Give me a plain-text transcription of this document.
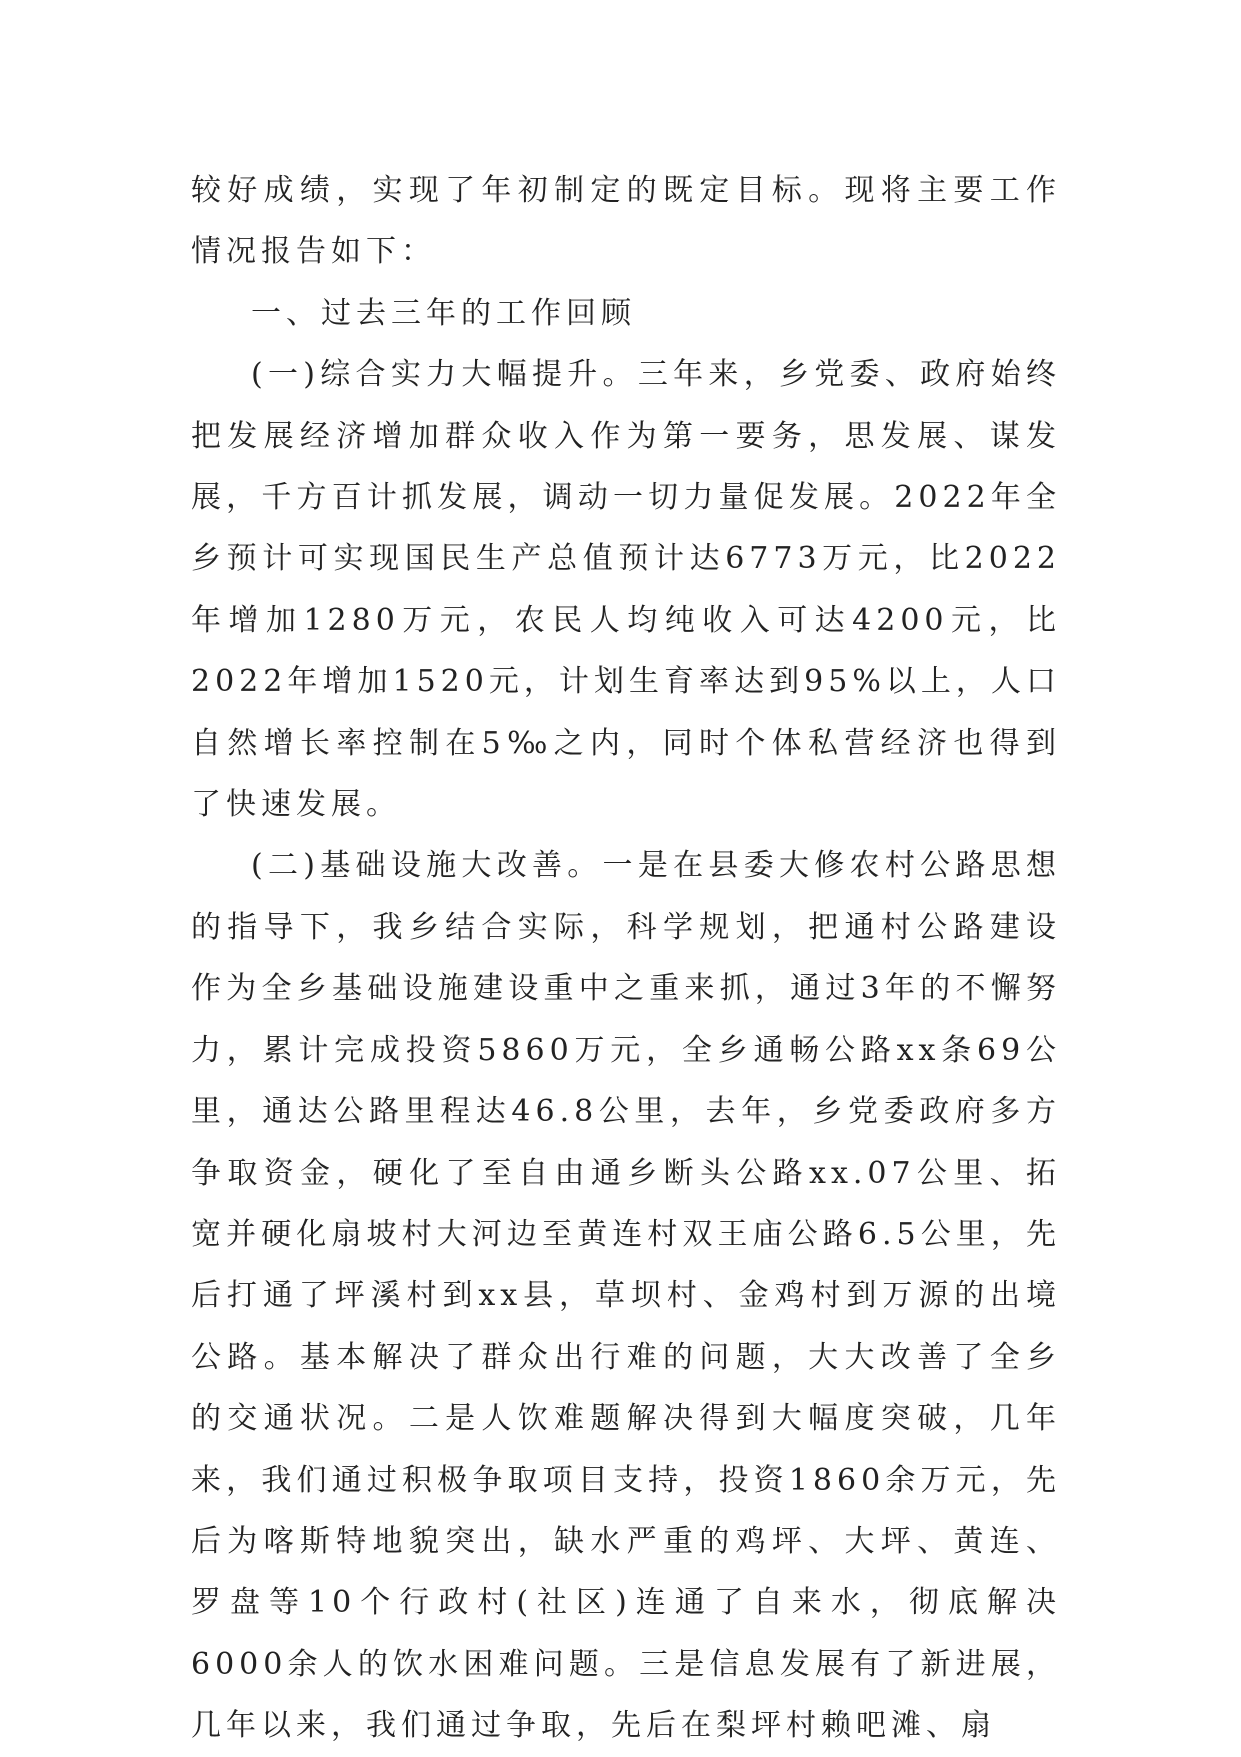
较好成绩，实现了年初制定的既定目标。现将主要工作情况报告如下：

一、过去三年的工作回顾

(一)综合实力大幅提升。三年来，乡党委、政府始终把发展经济增加群众收入作为第一要务，思发展、谋发展，千方百计抓发展，调动一切力量促发展。2022年全乡预计可实现国民生产总值预计达6773万元，比2022年增加1280万元，农民人均纯收入可达4200元，比2022年增加1520元，计划生育率达到95%以上，人口自然增长率控制在5‰之内，同时个体私营经济也得到了快速发展。

(二)基础设施大改善。一是在县委大修农村公路思想的指导下，我乡结合实际，科学规划，把通村公路建设作为全乡基础设施建设重中之重来抓，通过3年的不懈努力，累计完成投资5860万元，全乡通畅公路xx条69公里，通达公路里程达46.8公里，去年，乡党委政府多方争取资金，硬化了至自由通乡断头公路xx.07公里、拓宽并硬化扇坡村大河边至黄连村双王庙公路6.5公里，先后打通了坪溪村到xx县，草坝村、金鸡村到万源的出境公路。基本解决了群众出行难的问题，大大改善了全乡的交通状况。二是人饮难题解决得到大幅度突破，几年来，我们通过积极争取项目支持，投资1860余万元，先后为喀斯特地貌突出，缺水严重的鸡坪、大坪、黄连、罗盘等10个行政村(社区)连通了自来水，彻底解决6000余人的饮水困难问题。三是信息发展有了新进展，几年以来，我们通过争取，先后在梨坪村赖吧滩、扇
